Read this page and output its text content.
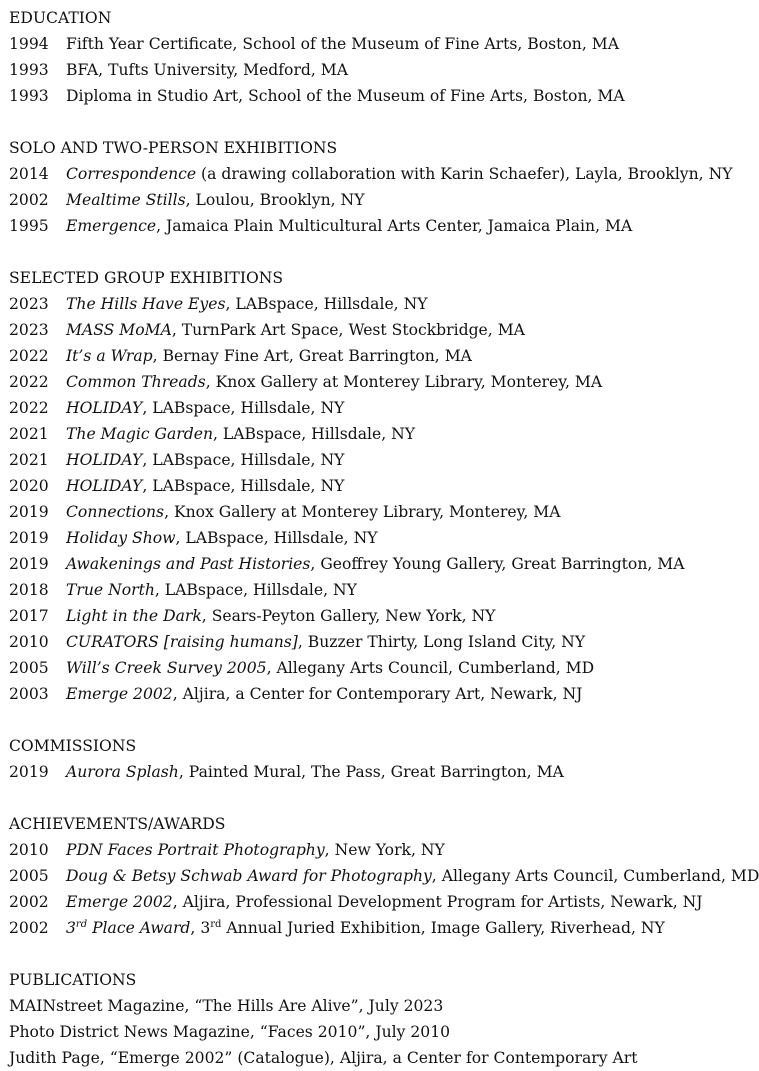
EDUCATION
1994	Fifth Year Certificate, School of the Museum of Fine Arts, Boston, MA
1993	BFA, Tufts University, Medford, MA
1993	Diploma in Studio Art, School of the Museum of Fine Arts, Boston, MA
SOLO AND TWO-PERSON EXHIBITIONS
2014	Correspondence (a drawing collaboration with Karin Schaefer), Layla, Brooklyn, NY
2002	Mealtime Stills, Loulou, Brooklyn, NY
1995	Emergence, Jamaica Plain Multicultural Arts Center, Jamaica Plain, MA
SELECTED GROUP EXHIBITIONS
2023	The Hills Have Eyes, LABspace, Hillsdale, NY
2023	MASS MoMA, TurnPark Art Space, West Stockbridge, MA
2022	It’s a Wrap, Bernay Fine Art, Great Barrington, MA
2022	Common Threads, Knox Gallery at Monterey Library, Monterey, MA
2022	HOLIDAY, LABspace, Hillsdale, NY
2021	The Magic Garden, LABspace, Hillsdale, NY
2021	HOLIDAY, LABspace, Hillsdale, NY
2020	HOLIDAY, LABspace, Hillsdale, NY
2019	Connections, Knox Gallery at Monterey Library, Monterey, MA
2019	Holiday Show, LABspace, Hillsdale, NY
2019	Awakenings and Past Histories, Geoffrey Young Gallery, Great Barrington, MA
2018	True North, LABspace, Hillsdale, NY
2017	Light in the Dark, Sears-Peyton Gallery, New York, NY
2010	CURATORS [raising humans], Buzzer Thirty, Long Island City, NY
2005	Will’s Creek Survey 2005, Allegany Arts Council, Cumberland, MD
2003	Emerge 2002, Aljira, a Center for Contemporary Art, Newark, NJ
COMMISSIONS
2019	Aurora Splash, Painted Mural, The Pass, Great Barrington, MA
ACHIEVEMENTS/AWARDS
2010	PDN Faces Portrait Photography, New York, NY
2005	Doug & Betsy Schwab Award for Photography, Allegany Arts Council, Cumberland, MD
2002	Emerge 2002, Aljira, Professional Development Program for Artists, Newark, NJ
2002	3rd Place Award, 3rd Annual Juried Exhibition, Image Gallery, Riverhead, NY
PUBLICATIONS
MAINstreet Magazine, “The Hills Are Alive”, July 2023
Photo District News Magazine, “Faces 2010”, July 2010
Judith Page, “Emerge 2002” (Catalogue), Aljira, a Center for Contemporary Art
